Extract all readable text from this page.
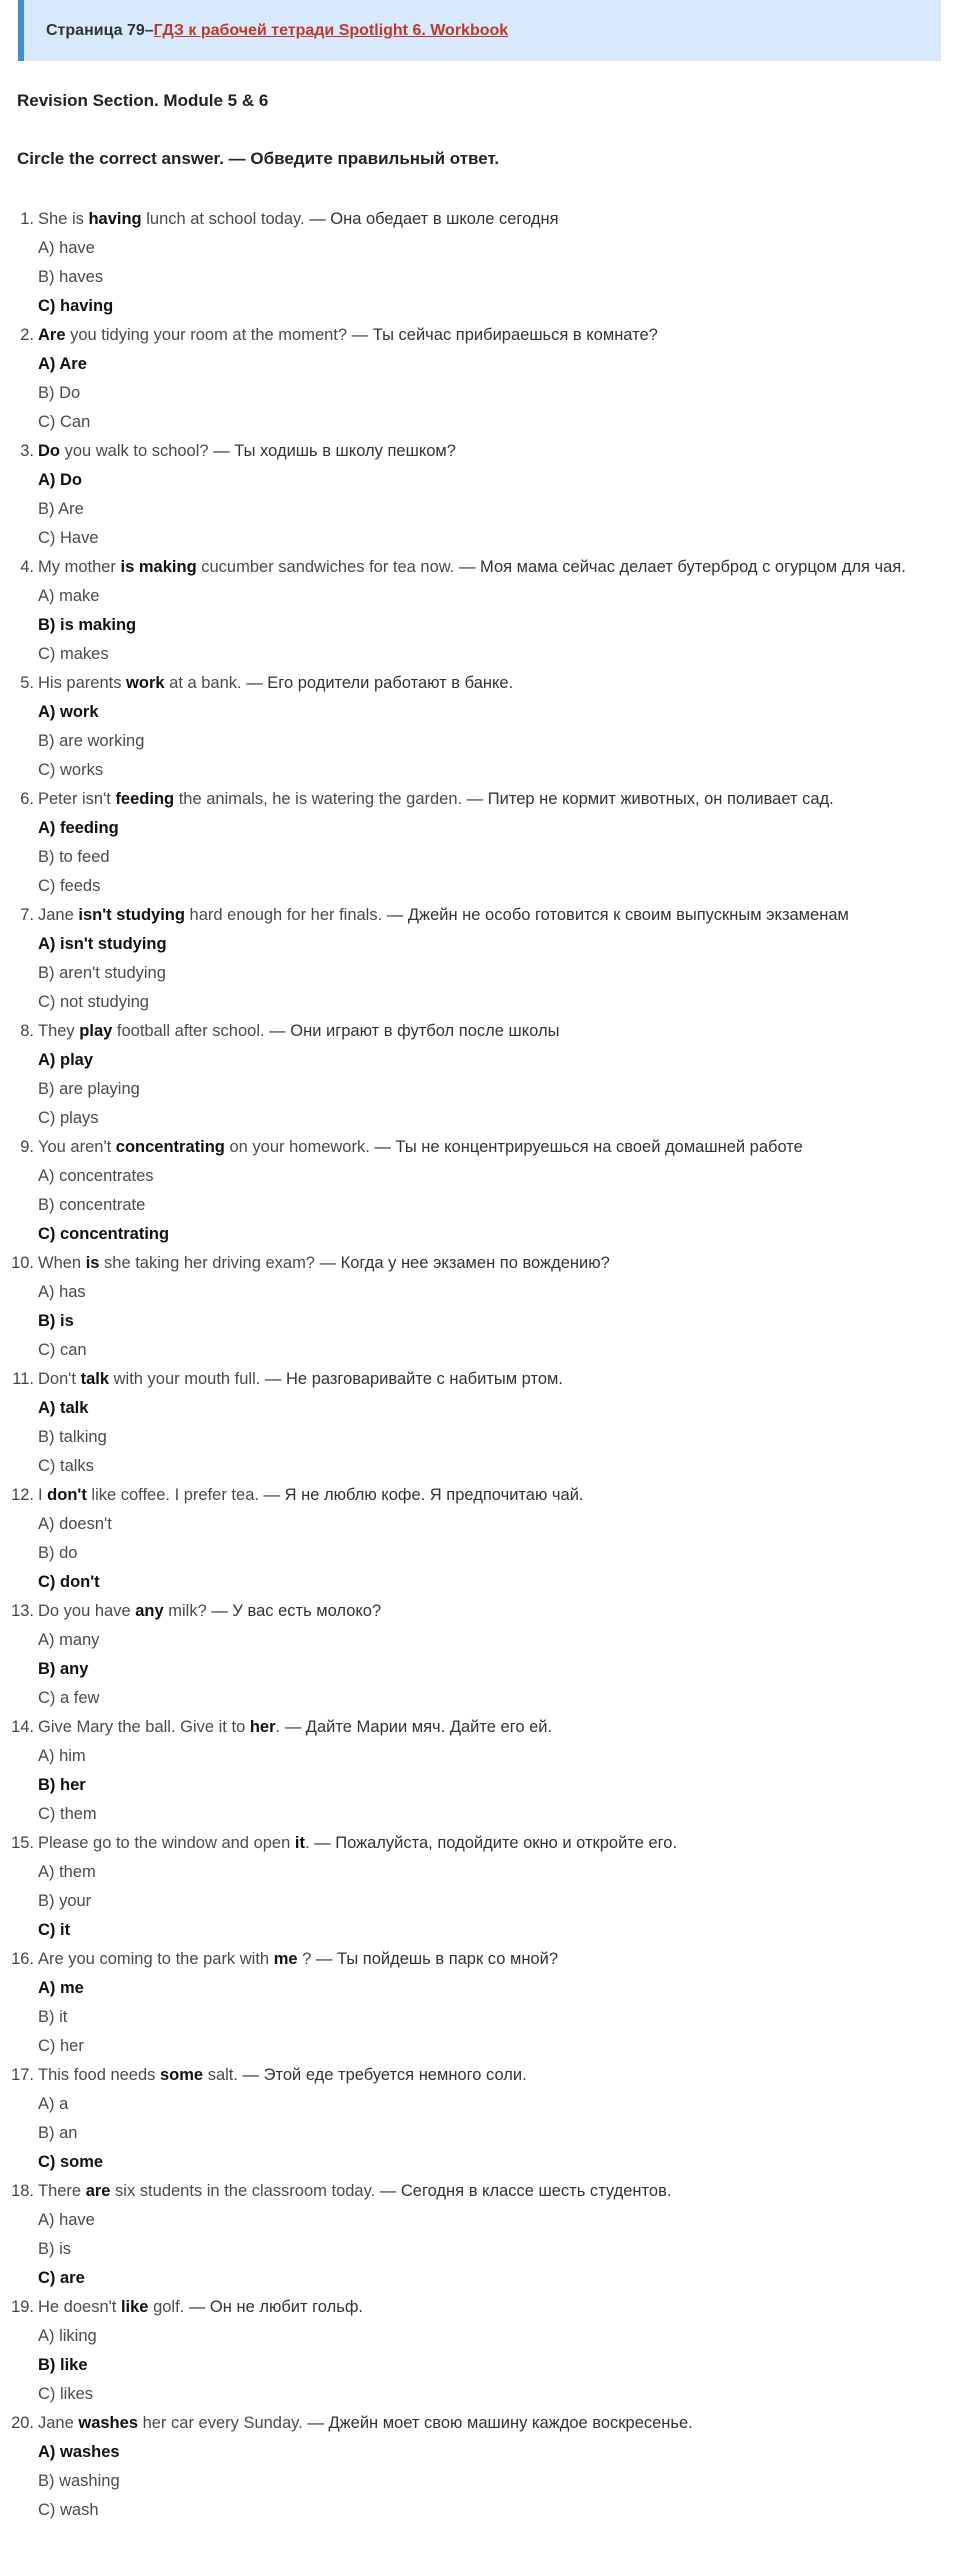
Страница 79 – ГДЗ к рабочей тетради Spotlight 6. Workbook
Revision Section. Module 5 & 6
Circle the correct answer. — Обведите правильный ответ.
1. She is having lunch at school today. — Она обедает в школе сегодня
A) have
B) haves
C) having
2. Are you tidying your room at the moment? — Ты сейчас прибираешься в комнате?
A) Are
B) Do
C) Can
3. Do you walk to school? — Ты ходишь в школу пешком?
A) Do
B) Are
C) Have
4. My mother is making cucumber sandwiches for tea now. — Моя мама сейчас делает бутерброд с огурцом для чая.
A) make
B) is making
C) makes
5. His parents work at a bank. — Его родители работают в банке.
A) work
B) are working
C) works
6. Peter isn't feeding the animals, he is watering the garden. — Питер не кормит животных, он поливает сад.
A) feeding
B) to feed
C) feeds
7. Jane isn't studying hard enough for her finals. — Джейн не особо готовится к своим выпускным экзаменам
A) isn't studying
B) aren't studying
C) not studying
8. They play football after school. — Они играют в футбол после школы
A) play
B) are playing
C) plays
9. You aren't concentrating on your homework. — Ты не концентрируешься на своей домашней работе
A) concentrates
B) concentrate
C) concentrating
10. When is she taking her driving exam? — Когда у нее экзамен по вождению?
A) has
B) is
C) can
11. Don't talk with your mouth full. — Не разговаривайте с набитым ртом.
A) talk
B) talking
C) talks
12. I don't like coffee. I prefer tea. — Я не люблю кофе. Я предпочитаю чай.
A) doesn't
B) do
C) don't
13. Do you have any milk? — У вас есть молоко?
A) many
B) any
C) a few
14. Give Mary the ball. Give it to her. — Дайте Марии мяч. Дайте его ей.
A) him
B) her
C) them
15. Please go to the window and open it. — Пожалуйста, подойдите окно и откройте его.
A) them
B) your
C) it
16. Are you coming to the park with me ? — Ты пойдешь в парк со мной?
A) me
B) it
C) her
17. This food needs some salt. — Этой еде требуется немного соли.
A) a
B) an
C) some
18. There are six students in the classroom today. — Сегодня в классе шесть студентов.
A) have
B) is
C) are
19. He doesn't like golf. — Он не любит гольф.
A) liking
B) like
C) likes
20. Jane washes her car every Sunday. — Джейн моет свою машину каждое воскресенье.
A) washes
B) washing
C) wash
